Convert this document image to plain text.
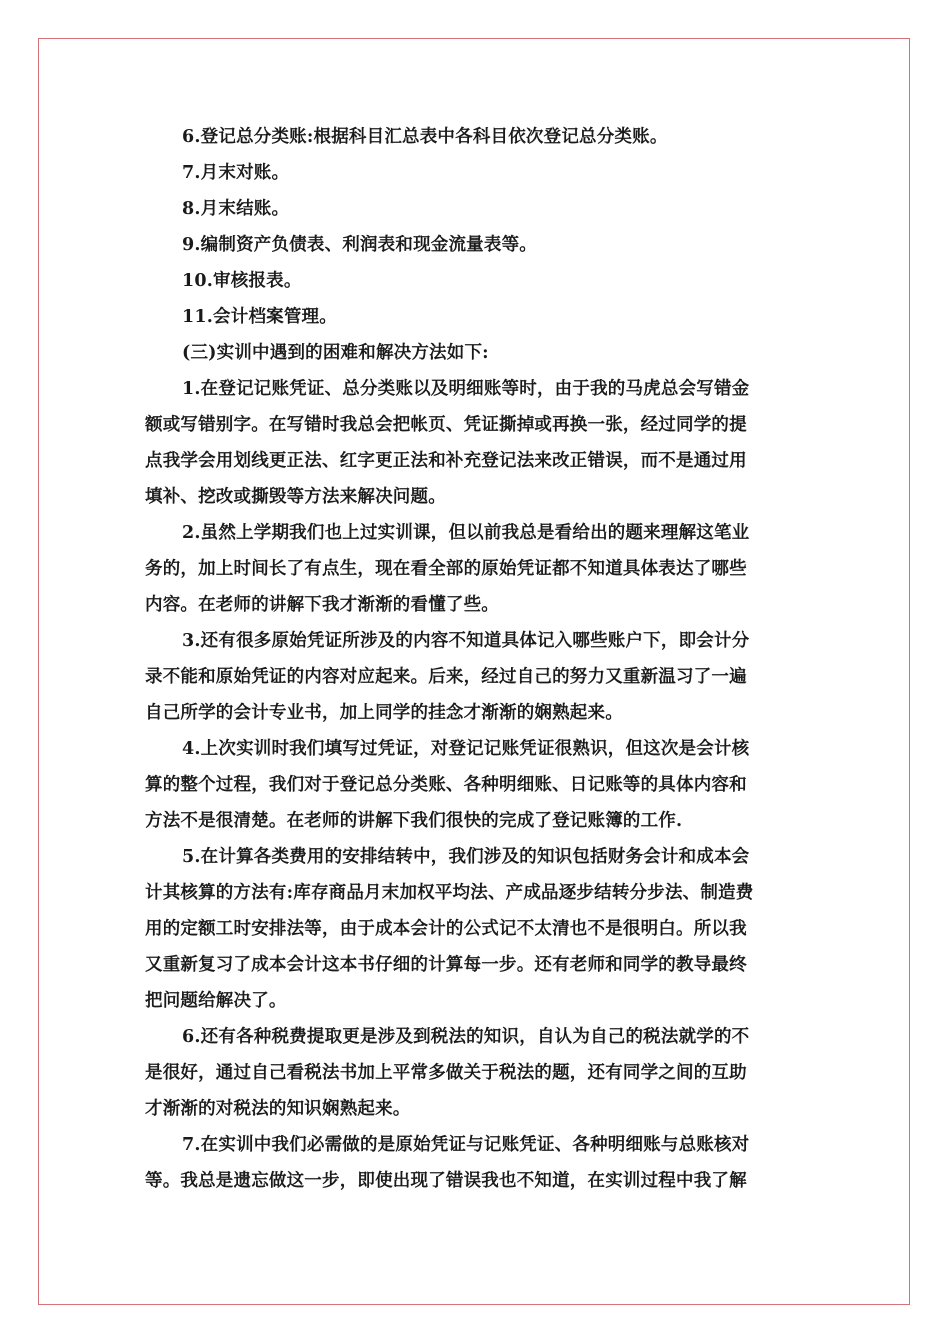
6.登记总分类账:根据科目汇总表中各科目依次登记总分类账。
7.月末对账。
8.月末结账。
9.编制资产负债表、利润表和现金流量表等。
10.审核报表。
11.会计档案管理。
(三)实训中遇到的困难和解决方法如下:
1.在登记记账凭证、总分类账以及明细账等时，由于我的马虎总会写错金
额或写错别字。在写错时我总会把帐页、凭证撕掉或再换一张，经过同学的提
点我学会用划线更正法、红字更正法和补充登记法来改正错误，而不是通过用
填补、挖改或撕毁等方法来解决问题。
2.虽然上学期我们也上过实训课，但以前我总是看给出的题来理解这笔业
务的，加上时间长了有点生，现在看全部的原始凭证都不知道具体表达了哪些
内容。在老师的讲解下我才渐渐的看懂了些。
3.还有很多原始凭证所涉及的内容不知道具体记入哪些账户下，即会计分
录不能和原始凭证的内容对应起来。后来，经过自己的努力又重新温习了一遍
自己所学的会计专业书，加上同学的挂念才渐渐的娴熟起来。
4.上次实训时我们填写过凭证，对登记记账凭证很熟识，但这次是会计核
算的整个过程，我们对于登记总分类账、各种明细账、日记账等的具体内容和
方法不是很清楚。在老师的讲解下我们很快的完成了登记账簿的工作.
5.在计算各类费用的安排结转中，我们涉及的知识包括财务会计和成本会
计其核算的方法有:库存商品月末加权平均法、产成品逐步结转分步法、制造费
用的定额工时安排法等，由于成本会计的公式记不太清也不是很明白。所以我
又重新复习了成本会计这本书仔细的计算每一步。还有老师和同学的教导最终
把问题给解决了。
6.还有各种税费提取更是涉及到税法的知识，自认为自己的税法就学的不
是很好，通过自己看税法书加上平常多做关于税法的题，还有同学之间的互助
才渐渐的对税法的知识娴熟起来。
7.在实训中我们必需做的是原始凭证与记账凭证、各种明细账与总账核对
等。我总是遗忘做这一步，即使出现了错误我也不知道，在实训过程中我了解
